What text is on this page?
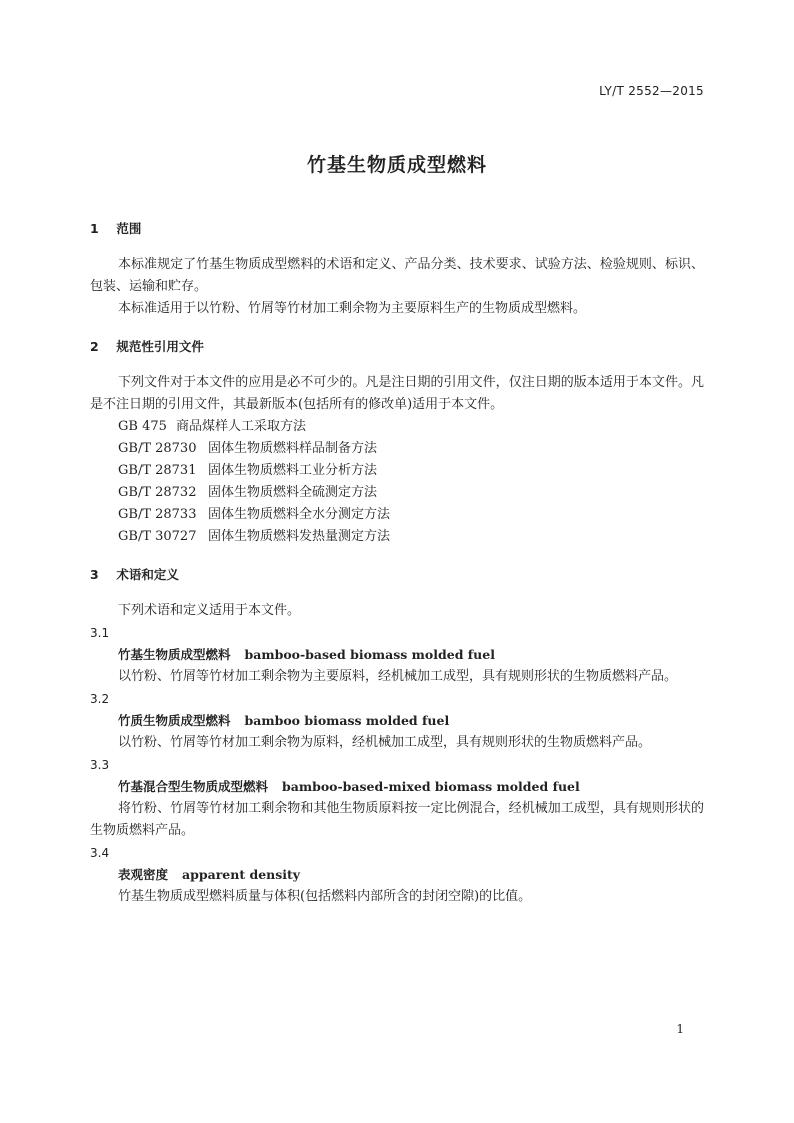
LY/T 2552—2015
竹基生物质成型燃料

1 范围

本标准规定了竹基生物质成型燃料的术语和定义、产品分类、技术要求、试验方法、检验规则、标识、包装、运输和贮存。

本标准适用于以竹粉、竹屑等竹材加工剩余物为主要原料生产的生物质成型燃料。

2 规范性引用文件

下列文件对于本文件的应用是必不可少的。凡是注日期的引用文件，仅注日期的版本适用于本文件。凡是不注日期的引用文件，其最新版本(包括所有的修改单)适用于本文件。

GB 475 商品煤样人工采取方法

GB/T 28730 固体生物质燃料样品制备方法

GB/T 28731 固体生物质燃料工业分析方法

GB/T 28732 固体生物质燃料全硫测定方法

GB/T 28733 固体生物质燃料全水分测定方法

GB/T 30727 固体生物质燃料发热量测定方法

3 术语和定义

下列术语和定义适用于本文件。

3.1

竹基生物质成型燃料 bamboo-based biomass molded fuel

以竹粉、竹屑等竹材加工剩余物为主要原料，经机械加工成型，具有规则形状的生物质燃料产品。

3.2

竹质生物质成型燃料 bamboo biomass molded fuel

以竹粉、竹屑等竹材加工剩余物为原料，经机械加工成型，具有规则形状的生物质燃料产品。

3.3

竹基混合型生物质成型燃料 bamboo-based-mixed biomass molded fuel

将竹粉、竹屑等竹材加工剩余物和其他生物质原料按一定比例混合，经机械加工成型，具有规则形状的生物质燃料产品。

3.4

表观密度 apparent density

竹基生物质成型燃料质量与体积(包括燃料内部所含的封闭空隙)的比值。

1
